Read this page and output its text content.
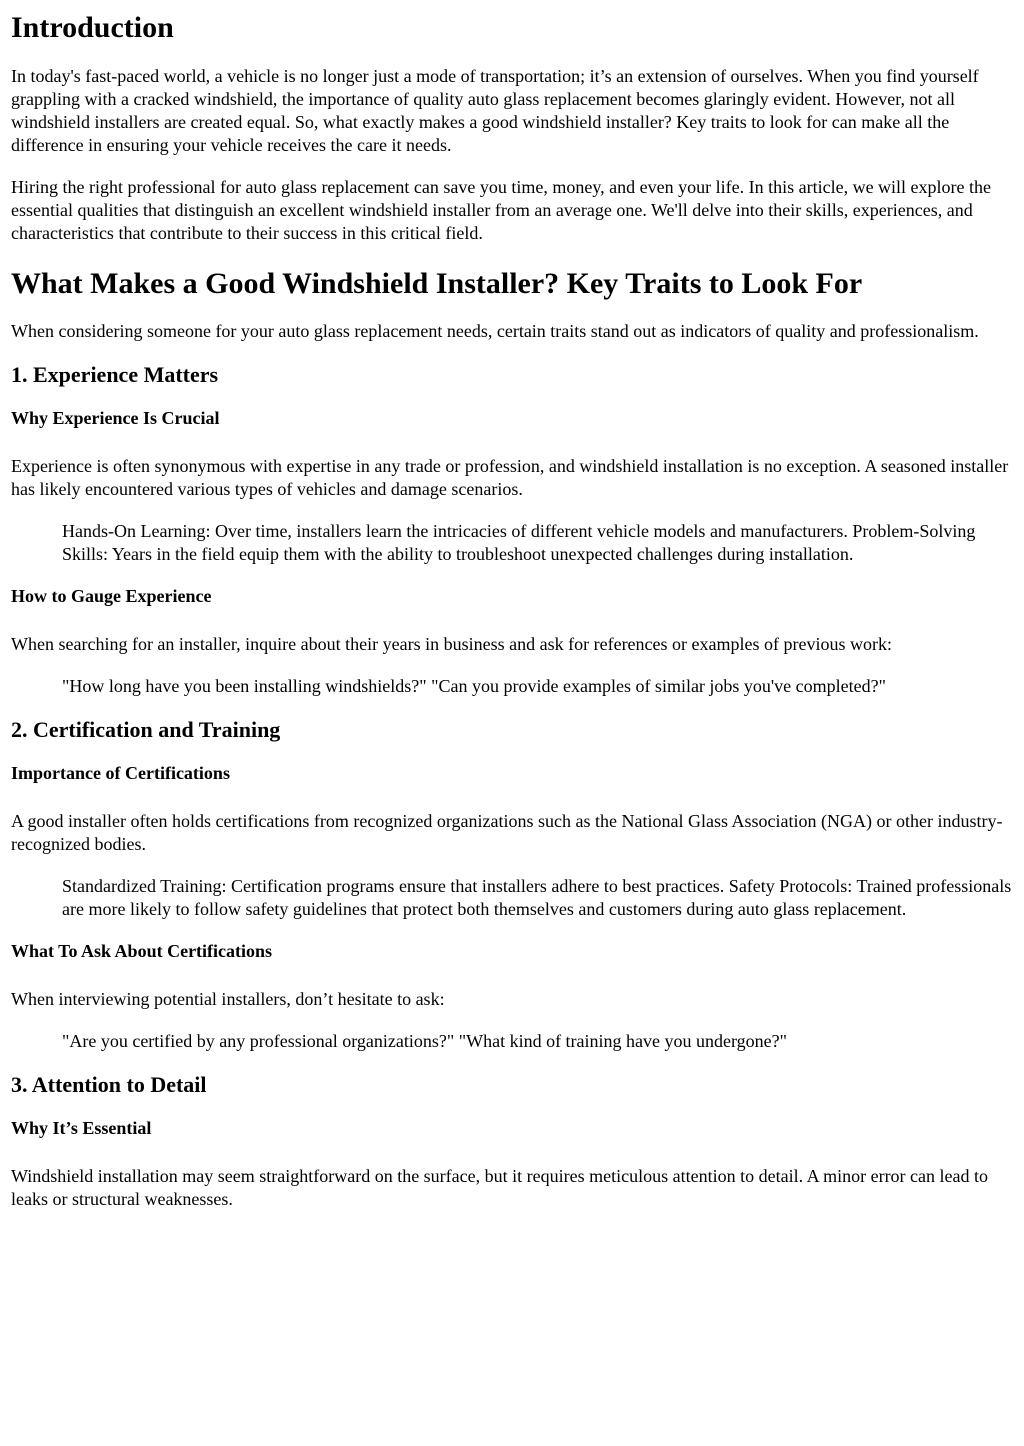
Introduction

In today's fast-paced world, a vehicle is no longer just a mode of transportation; it’s an extension of ourselves. When you find yourself grappling with a cracked windshield, the importance of quality auto glass replacement becomes glaringly evident. However, not all windshield installers are created equal. So, what exactly makes a good windshield installer? Key traits to look for can make all the difference in ensuring your vehicle receives the care it needs.

Hiring the right professional for auto glass replacement can save you time, money, and even your life. In this article, we will explore the essential qualities that distinguish an excellent windshield installer from an average one. We'll delve into their skills, experiences, and characteristics that contribute to their success in this critical field.

What Makes a Good Windshield Installer? Key Traits to Look For

When considering someone for your auto glass replacement needs, certain traits stand out as indicators of quality and professionalism.

1. Experience Matters
Why Experience Is Crucial

Experience is often synonymous with expertise in any trade or profession, and windshield installation is no exception. A seasoned installer has likely encountered various types of vehicles and damage scenarios.

Hands-On Learning: Over time, installers learn the intricacies of different vehicle models and manufacturers. Problem-Solving Skills: Years in the field equip them with the ability to troubleshoot unexpected challenges during installation.
How to Gauge Experience

When searching for an installer, inquire about their years in business and ask for references or examples of previous work:

"How long have you been installing windshields?" "Can you provide examples of similar jobs you've completed?"
2. Certification and Training
Importance of Certifications

A good installer often holds certifications from recognized organizations such as the National Glass Association (NGA) or other industry-recognized bodies.

Standardized Training: Certification programs ensure that installers adhere to best practices. Safety Protocols: Trained professionals are more likely to follow safety guidelines that protect both themselves and customers during auto glass replacement.
What To Ask About Certifications

When interviewing potential installers, don’t hesitate to ask:

"Are you certified by any professional organizations?" "What kind of training have you undergone?"
3. Attention to Detail
Why It’s Essential

Windshield installation may seem straightforward on the surface, but it requires meticulous attention to detail. A minor error can lead to leaks or structural weaknesses.
